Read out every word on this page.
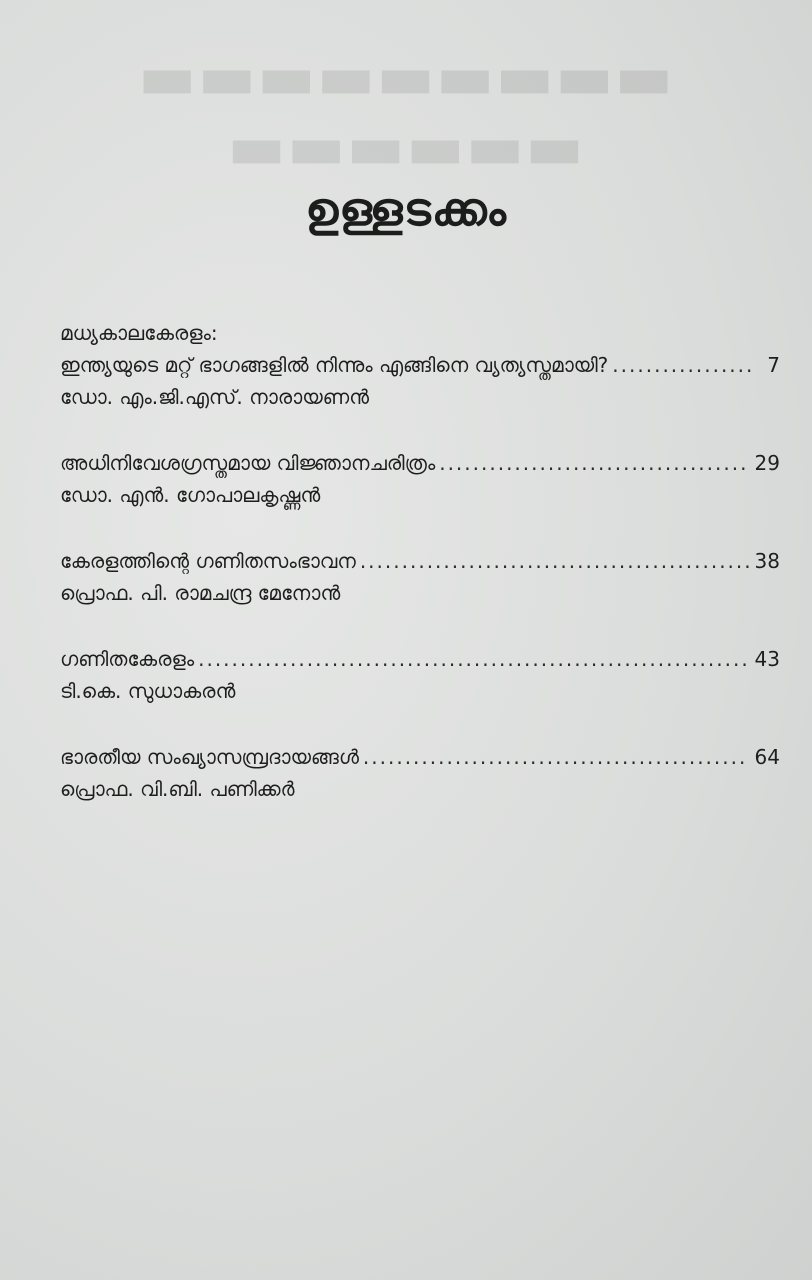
▬▬▬▬▬▬▬▬▬
▬▬▬▬▬▬
ഉള്ളടക്കം
മധ്യകാലകേരളം:
ഇന്ത്യയുടെ മറ്റ് ഭാഗങ്ങളിൽ നിന്നും എങ്ങിനെ വ്യത്യസ്തമായി? .....	7
ഡോ. എം.ജി.എസ്. നാരായണൻ
അധിനിവേശഗ്രസ്തമായ വിജ്ഞാനചരിത്രം .....	29
ഡോ. എൻ. ഗോപാലകൃഷ്ണൻ
കേരളത്തിന്റെ ഗണിതസംഭാവന .....	38
പ്രൊഫ. പി. രാമചന്ദ്ര മേനോൻ
ഗണിതകേരളം .....	43
ടി.കെ. സുധാകരൻ
ഭാരതീയ സംഖ്യാസമ്പ്രദായങ്ങൾ .....	64
പ്രൊഫ. വി.ബി. പണിക്കർ
